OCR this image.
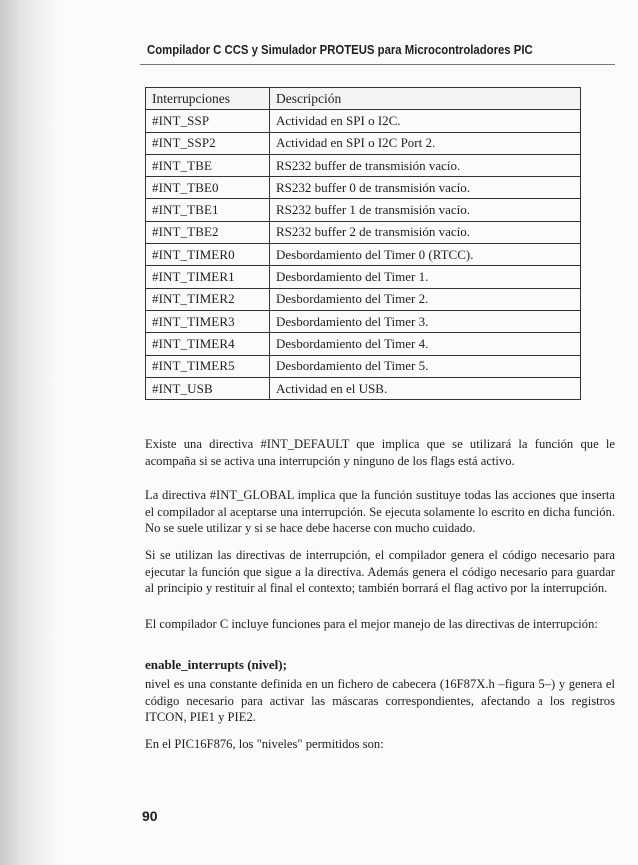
Compilador C CCS y Simulador PROTEUS para Microcontroladores PIC
Interrupciones	Descripción
#INT_SSP	Actividad en SPI o I2C.
#INT_SSP2	Actividad en SPI o I2C Port 2.
#INT_TBE	RS232 buffer de transmisión vacío.
#INT_TBE0	RS232 buffer 0 de transmisión vacío.
#INT_TBE1	RS232 buffer 1 de transmisión vacío.
#INT_TBE2	RS232 buffer 2 de transmisión vacío.
#INT_TIMER0	Desbordamiento del Timer 0 (RTCC).
#INT_TIMER1	Desbordamiento del Timer 1.
#INT_TIMER2	Desbordamiento del Timer 2.
#INT_TIMER3	Desbordamiento del Timer 3.
#INT_TIMER4	Desbordamiento del Timer 4.
#INT_TIMER5	Desbordamiento del Timer 5.
#INT_USB	Actividad en el USB.

Existe una directiva #INT_DEFAULT que implica que se utilizará la función que le acompaña si se activa una interrupción y ninguno de los flags está activo.

La directiva #INT_GLOBAL implica que la función sustituye todas las acciones que inserta el compilador al aceptarse una interrupción. Se ejecuta solamente lo escrito en dicha función. No se suele utilizar y si se hace debe hacerse con mucho cuidado.

Si se utilizan las directivas de interrupción, el compilador genera el código necesario para ejecutar la función que sigue a la directiva. Además genera el código necesario para guardar al principio y restituir al final el contexto; también borrará el flag activo por la interrupción.

El compilador C incluye funciones para el mejor manejo de las directivas de interrupción:

enable_interrupts (nivel);

nivel es una constante definida en un fichero de cabecera (16F87X.h –figura 5–) y genera el código necesario para activar las máscaras correspondientes, afectando a los registros ITCON, PIE1 y PIE2.

En el PIC16F876, los "niveles" permitidos son:

90
